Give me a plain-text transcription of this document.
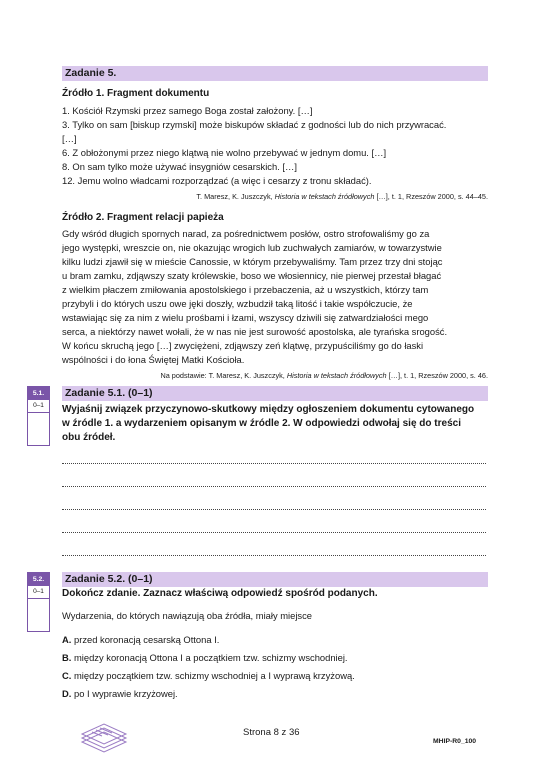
Zadanie 5.
Źródło 1. Fragment dokumentu

1. Kościół Rzymski przez samego Boga został założony. […]

3. Tylko on sam [biskup rzymski] może biskupów składać z godności lub do nich przywracać.

[…]

6. Z obłożonymi przez niego klątwą nie wolno przebywać w jednym domu. […]

8. On sam tylko może używać insygniów cesarskich. […]

12. Jemu wolno władcami rozporządzać (a więc i cesarzy z tronu składać).

T. Maresz, K. Juszczyk, Historia w tekstach źródłowych […], t. 1, Rzeszów 2000, s. 44–45.
Źródło 2. Fragment relacji papieża

Gdy wśród długich spornych narad, za pośrednictwem posłów, ostro strofowaliśmy go za

jego występki, wreszcie on, nie okazując wrogich lub zuchwałych zamiarów, w towarzystwie

kilku ludzi zjawił się w mieście Canossie, w którym przebywaliśmy. Tam przez trzy dni stojąc

u bram zamku, zdjąwszy szaty królewskie, boso we włosiennicy, nie pierwej przestał błagać

z wielkim płaczem zmiłowania apostolskiego i przebaczenia, aż u wszystkich, którzy tam

przybyli i do których uszu owe jęki doszły, wzbudził taką litość i takie współczucie, że

wstawiając się za nim z wielu prośbami i łzami, wszyscy dziwili się zatwardziałości mego

serca, a niektórzy nawet wołali, że w nas nie jest surowość apostolska, ale tyrańska srogość.

W końcu skruchą jego […] zwyciężeni, zdjąwszy zeń klątwę, przypuściliśmy go do łaski

wspólności i do łona Świętej Matki Kościoła.

Na podstawie: T. Maresz, K. Juszczyk, Historia w tekstach źródłowych […], t. 1, Rzeszów 2000, s. 46.
5.1.
0–1
Zadanie 5.1. (0–1)
Wyjaśnij związek przyczynowo-skutkowy między ogłoszeniem dokumentu cytowanego
w źródle 1. a wydarzeniem opisanym w źródle 2. W odpowiedzi odwołaj się do treści
obu źródeł.
5.2.
0–1
Zadanie 5.2. (0–1)
Dokończ zdanie. Zaznacz właściwą odpowiedź spośród podanych.
Wydarzenia, do których nawiązują oba źródła, miały miejsce
A. przed koronacją cesarską Ottona I.
B. między koronacją Ottona I a początkiem tzw. schizmy wschodniej.
C. między początkiem tzw. schizmy wschodniej a I wyprawą krzyżową.
D. po I wyprawie krzyżowej.
Strona 8 z 36
MHIP-R0_100
